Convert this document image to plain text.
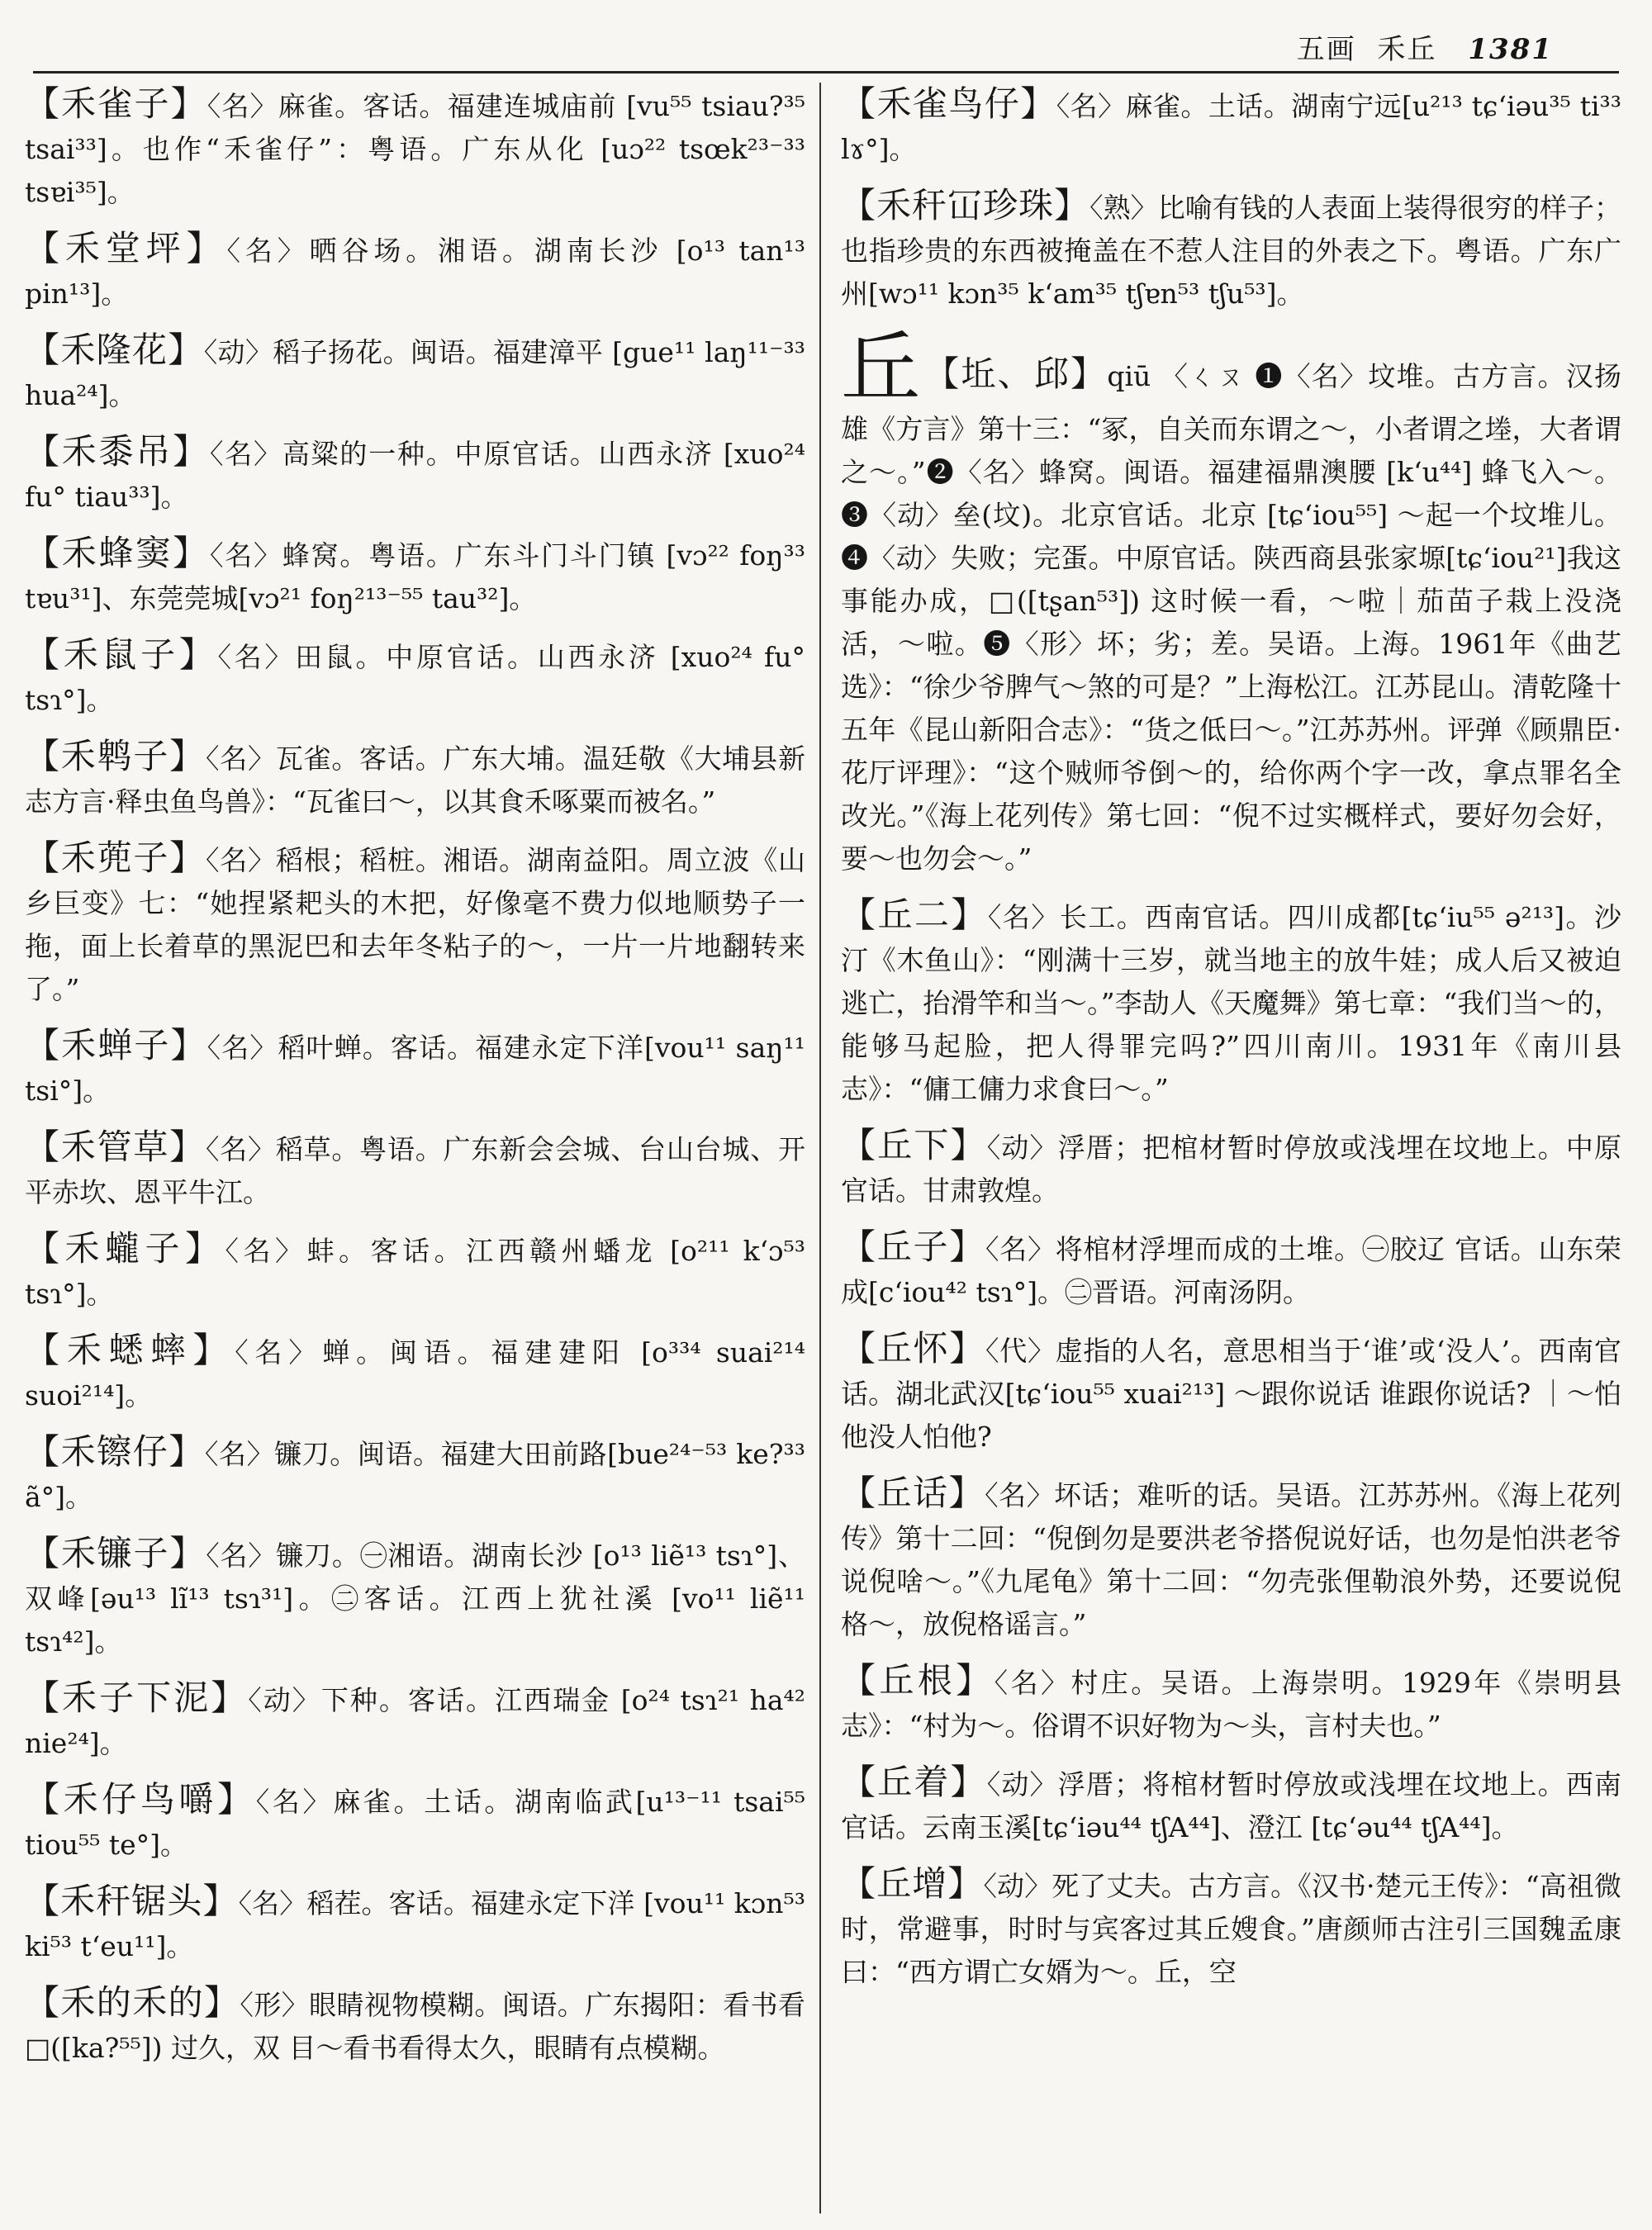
五画 禾丘 1381

【禾雀子】〈名〉麻雀。客话。福建连城庙前 [vu⁵⁵ tsiau?³⁵ tsai³³]。也作“禾雀仔”：粤语。广东从化 [uɔ²² tsœk²³⁻³³ tsɐi³⁵]。

【禾堂坪】〈名〉晒谷场。湘语。湖南长沙 [o¹³ tan¹³ pin¹³]。

【禾隆花】〈动〉稻子扬花。闽语。福建漳平 [gue¹¹ laŋ¹¹⁻³³ hua²⁴]。

【禾黍吊】〈名〉高粱的一种。中原官话。山西永济 [xuo²⁴ fu° tiau³³]。

【禾蜂窦】〈名〉蜂窝。粤语。广东斗门斗门镇 [vɔ²² foŋ³³ tɐu³¹]、东莞莞城[vɔ²¹ foŋ²¹³⁻⁵⁵ tau³²]。

【禾鼠子】〈名〉田鼠。中原官话。山西永济 [xuo²⁴ fu° tsɿ°]。

【禾鹎子】〈名〉瓦雀。客话。广东大埔。温廷敬《大埔县新志方言·释虫鱼鸟兽》：“瓦雀曰～，以其食禾啄粟而被名。”

【禾蔸子】〈名〉稻根；稻桩。湘语。湖南益阳。周立波《山乡巨变》七：“她捏紧耙头的木把，好像毫不费力似地顺势子一拖，面上长着草的黑泥巴和去年冬粘子的～，一片一片地翻转来了。”

【禾蝉子】〈名〉稻叶蝉。客话。福建永定下洋[vou¹¹ saŋ¹¹ tsi°]。

【禾管草】〈名〉稻草。粤语。广东新会会城、台山台城、开平赤坎、恩平牛江。

【禾蠬子】〈名〉蚌。客话。江西赣州蟠龙 [o²¹¹ k‘ɔ⁵³ tsɿ°]。

【禾蟋蟀】〈名〉蝉。闽语。福建建阳 [o³³⁴ suai²¹⁴ suoi²¹⁴]。

【禾镲仔】〈名〉镰刀。闽语。福建大田前路[bue²⁴⁻⁵³ ke?³³ ã°]。

【禾镰子】〈名〉镰刀。㊀湘语。湖南长沙 [o¹³ liẽ¹³ tsɿ°]、双峰[əu¹³ lĩ¹³ tsɿ³¹]。㊁客话。江西上犹社溪 [vo¹¹ liẽ¹¹ tsɿ⁴²]。

【禾子下泥】〈动〉下种。客话。江西瑞金 [o²⁴ tsɿ²¹ ha⁴² nie²⁴]。

【禾仔鸟嚼】〈名〉麻雀。土话。湖南临武[u¹³⁻¹¹ tsai⁵⁵ tiou⁵⁵ te°]。

【禾秆锯头】〈名〉稻茬。客话。福建永定下洋 [vou¹¹ kɔn⁵³ ki⁵³ t‘eu¹¹]。

【禾的禾的】〈形〉眼睛视物模糊。闽语。广东揭阳：看书看□([ka?⁵⁵]) 过久，双 目～看书看得太久，眼睛有点模糊。

【禾雀鸟仔】〈名〉麻雀。土话。湖南宁远[u²¹³ tɕ‘iəu³⁵ ti³³ lɤ°]。

【禾秆冚珍珠】〈熟〉比喻有钱的人表面上装得很穷的样子；也指珍贵的东西被掩盖在不惹人注目的外表之下。粤语。广东广州[wɔ¹¹ kɔn³⁵ k‘am³⁵ tʃɐn⁵³ tʃu⁵³]。

丘【坵、邱】qiū 〈ㄑㄡ ❶〈名〉坟堆。古方言。汉扬雄《方言》第十三：“冢，自关而东谓之～，小者谓之堘，大者谓之～。”❷〈名〉蜂窝。闽语。福建福鼎澳腰 [k‘u⁴⁴] 蜂飞入～。❸〈动〉垒(坟)。北京官话。北京 [tɕ‘iou⁵⁵] ～起一个坟堆儿。❹〈动〉失败；完蛋。中原官话。陕西商县张家塬[tɕ‘iou²¹]我这事能办成，□([tʂan⁵³]) 这时候一看，～啦｜茄苗子栽上没浇活，～啦。❺〈形〉坏；劣；差。吴语。上海。1961年《曲艺选》：“徐少爷脾气～煞的可是？”上海松江。江苏昆山。清乾隆十五年《昆山新阳合志》：“货之低曰～。”江苏苏州。评弹《顾鼎臣·花厅评理》：“这个贼师爷倒～的，给你两个字一改，拿点罪名全改光。”《海上花列传》第七回：“倪不过实概样式，要好勿会好，要～也勿会～。”

【丘二】〈名〉长工。西南官话。四川成都[tɕ‘iu⁵⁵ ə²¹³]。沙汀《木鱼山》：“刚满十三岁，就当地主的放牛娃；成人后又被迫逃亡，抬滑竿和当～。”李劼人《天魔舞》第七章：“我们当～的，能够马起脸，把人得罪完吗?”四川南川。1931年《南川县志》：“傭工傭力求食曰～。”

【丘下】〈动〉浮厝；把棺材暂时停放或浅埋在坟地上。中原官话。甘肃敦煌。

【丘子】〈名〉将棺材浮埋而成的土堆。㊀胶辽 官话。山东荣成[c‘iou⁴² tsɿ°]。㊁晋语。河南汤阴。

【丘怀】〈代〉虚指的人名，意思相当于‘谁’或‘没人’。西南官话。湖北武汉[tɕ‘iou⁵⁵ xuai²¹³] ～跟你说话 谁跟你说话? ｜～怕他没人怕他?

【丘话】〈名〉坏话；难听的话。吴语。江苏苏州。《海上花列传》第十二回：“倪倒勿是要洪老爷搭倪说好话，也勿是怕洪老爷说倪啥～。”《九尾龟》第十二回：“勿壳张俚勒浪外势，还要说倪格～，放倪格谣言。”

【丘根】〈名〉村庄。吴语。上海崇明。1929年《崇明县志》：“村为～。俗谓不识好物为～头，言村夫也。”

【丘着】〈动〉浮厝；将棺材暂时停放或浅埋在坟地上。西南官话。云南玉溪[tɕ‘iəu⁴⁴ tʃA⁴⁴]、澄江 [tɕ‘əu⁴⁴ tʃA⁴⁴]。

【丘增】〈动〉死了丈夫。古方言。《汉书·楚元王传》：“高祖微时，常避事，时时与宾客过其丘嫂食。”唐颜师古注引三国魏孟康曰：“西方谓亡女婿为～。丘，空
